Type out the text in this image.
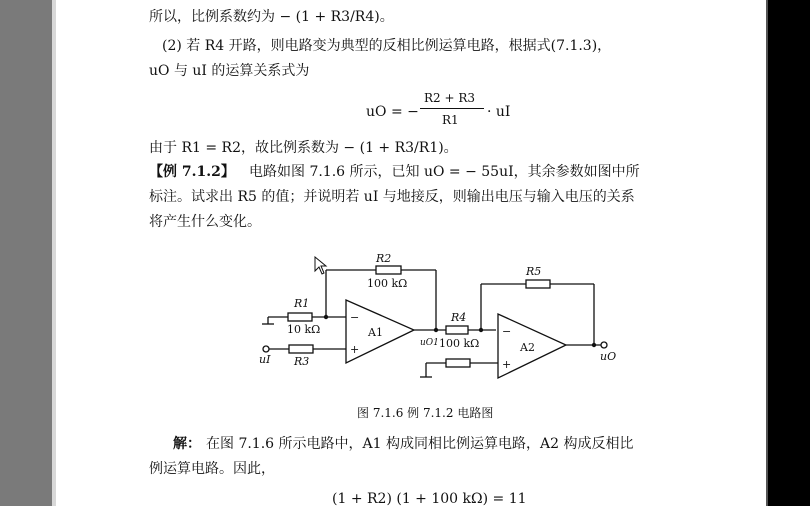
所以，比例系数约为 − (1 + R3/R4)。
(2) 若 R4 开路，则电路变为典型的反相比例运算电路，根据式(7.1.3)，
uO 与 uI 的运算关系式为
uO = −
R2 + R3
R1 · uI
由于 R1 = R2，故比例系数为 − (1 + R3/R1)。
【例 7.1.2】 电路如图 7.1.6 所示，已知 uO = − 55uI，其余参数如图中所
标注。试求出 R5 的值；并说明若 uI 与地接反，则输出电压与输入电压的关系
将产生什么变化。
R2
100 kΩ
R1
10 kΩ
R3
uI
−
+
A1
uO1
R4
100 kΩ
R5
−
+
A2
uO
图 7.1.6 例 7.1.2 电路图
解： 在图 7.1.6 所示电路中，A1 构成同相比例运算电路，A2 构成反相比
例运算电路。因此，
(1 + R2) (1 + 100 kΩ) = 11
